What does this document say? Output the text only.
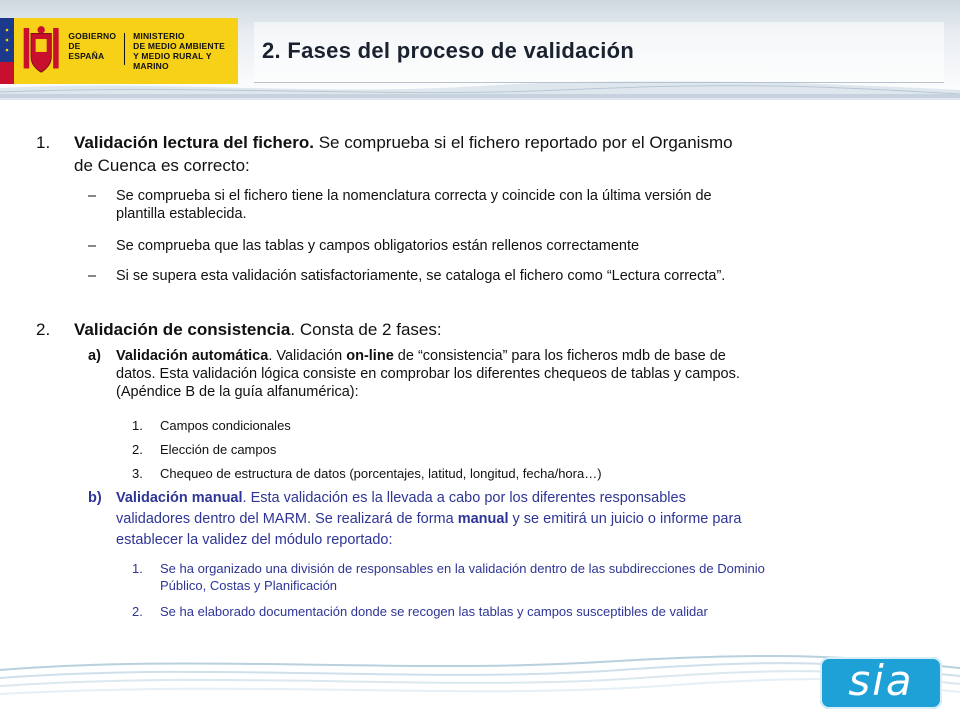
GOBIERNO
DE ESPAÑA
MINISTERIO
DE MEDIO AMBIENTE
Y MEDIO RURAL Y MARINO
2. Fases del proceso de validación
1. Validación lectura del fichero. Se comprueba si el fichero reportado por el Organismo
de Cuenca es correcto:
– Se comprueba si el fichero tiene la nomenclatura correcta y coincide con la última versión de
plantilla establecida.
– Se comprueba que las tablas y campos obligatorios están rellenos correctamente
– Si se supera esta validación satisfactoriamente, se cataloga el fichero como “Lectura correcta”.
2. Validación de consistencia. Consta de 2 fases:
a) Validación automática. Validación on-line de “consistencia” para los ficheros mdb de base de
datos. Esta validación lógica consiste en comprobar los diferentes chequeos de tablas y campos.
(Apéndice B de la guía alfanumérica):
1. Campos condicionales
2. Elección de campos
3. Chequeo de estructura de datos (porcentajes, latitud, longitud, fecha/hora…)
b) Validación manual. Esta validación es la llevada a cabo por los diferentes responsables
validadores dentro del MARM. Se realizará de forma manual y se emitirá un juicio o informe para
establecer la validez del módulo reportado:
1. Se ha organizado una división de responsables en la validación dentro de las subdirecciones de Dominio
Público, Costas y Planificación
2. Se ha elaborado documentación donde se recogen las tablas y campos susceptibles de validar
sia
